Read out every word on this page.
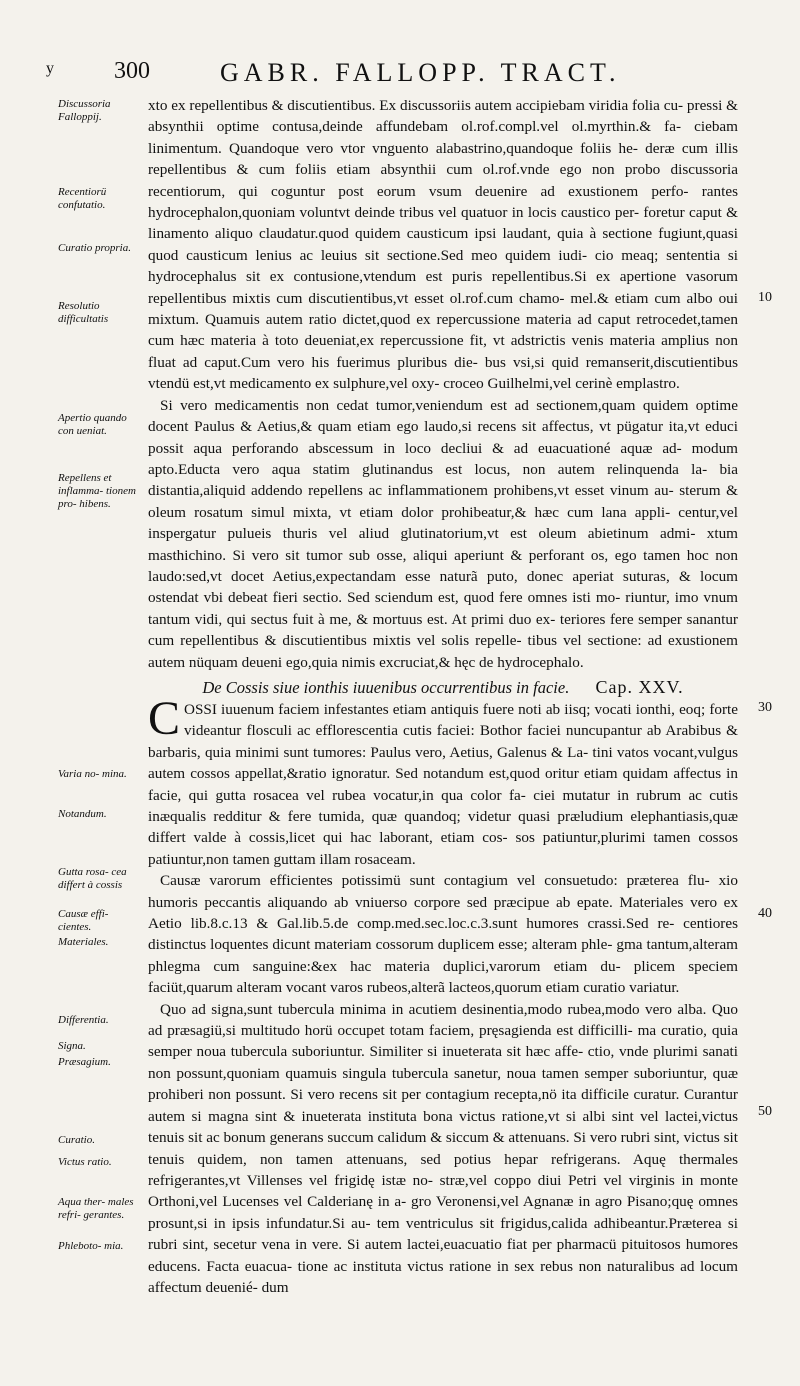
y	300	GABR. FALLOPP. TRACT.
Discussoria Falloppij.
Recentiorü confutatio.
Curatio propria.
Resolutio difficultatis
Apertio quando con ueniat.
Repellens et inflamma- tionem pro- hibens.
Varia no- mina.
Notandum.
Gutta rosa- cea differt à cossis
Causæ effi- cientes.
Materiales.
Differentia.
Signa.
Præsagium.
Curatio.
Victus ratio.
Aqua ther- males refri- gerantes.
Phleboto- mia.
10
30
40
50

xto ex repellentibus & discutientibus. Ex discussoriis autem accipiebam viridia folia cu- pressi & absynthii optime contusa,deinde affundebam ol.rof.compl.vel ol.myrthin.& fa- ciebam linimentum. Quandoque vero vtor vnguento alabastrino,quandoque foliis he- deræ cum illis repellentibus & cum foliis etiam absynthii cum ol.rof.vnde ego non probo discussoria recentiorum, qui coguntur post eorum vsum deuenire ad exustionem perfo- rantes hydrocephalon,quoniam voluntvt deinde tribus vel quatuor in locis caustico per- foretur caput & linamento aliquo claudatur.quod quidem causticum ipsi laudant, quia à sectione fugiunt,quasi quod causticum lenius ac leuius sit sectione.Sed meo quidem iudi- cio meaq; sententia si hydrocephalus sit ex contusione,vtendum est puris repellentibus.Si ex apertione vasorum repellentibus mixtis cum discutientibus,vt esset ol.rof.cum chamo- mel.& etiam cum albo oui mixtum. Quamuis autem ratio dictet,quod ex repercussione materia ad caput retrocedet,tamen cum hæc materia à toto deueniat,ex repercussione fit, vt adstrictis venis materia amplius non fluat ad caput.Cum vero his fuerimus pluribus die- bus vsi,si quid remanserit,discutientibus vtendü est,vt medicamento ex sulphure,vel oxy- croceo Guilhelmi,vel cerinè emplastro.

Si vero medicamentis non cedat tumor,veniendum est ad sectionem,quam quidem optime docent Paulus & Aetius,& quam etiam ego laudo,si recens sit affectus, vt pügatur ita,vt educi possit aqua perforando abscessum in loco decliui & ad euacuationé aquæ ad- modum apto.Educta vero aqua statim glutinandus est locus, non autem relinquenda la- bia distantia,aliquid addendo repellens ac inflammationem prohibens,vt esset vinum au- sterum & oleum rosatum simul mixta, vt etiam dolor prohibeatur,& hæc cum lana appli- centur,vel inspergatur pulueis thuris vel aliud glutinatorium,vt est oleum abietinum admi- xtum masthichino. Si vero sit tumor sub osse, aliqui aperiunt & perforant os, ego tamen hoc non laudo:sed,vt docet Aetius,expectandam esse naturã puto, donec aperiat suturas, & locum ostendat vbi debeat fieri sectio. Sed sciendum est, quod fere omnes isti mo- riuntur, imo vnum tantum vidi, qui sectus fuit à me, & mortuus est. At primi duo ex- teriores fere semper sanantur cum repellentibus & discutientibus mixtis vel solis repelle- tibus vel sectione: ad exustionem autem nüquam deueni ego,quia nimis excruciat,& hęc de hydrocephalo.

De Cossis siue ionthis iuuenibus occurrentibus in facie. Cap. XXV.

COSSI iuuenum faciem infestantes etiam antiquis fuere noti ab iisq; vocati ionthi, eoq; forte videantur flosculi ac efflorescentia cutis faciei: Bothor faciei nuncupantur ab Arabibus & barbaris, quia minimi sunt tumores: Paulus vero, Aetius, Galenus & La- tini vatos vocant,vulgus autem cossos appellat,&ratio ignoratur. Sed notandum est,quod oritur etiam quidam affectus in facie, qui gutta rosacea vel rubea vocatur,in qua color fa- ciei mutatur in rubrum ac cutis inæqualis redditur & fere tumida, quæ quandoq; videtur quasi præludium elephantiasis,quæ differt valde à cossis,licet qui hac laborant, etiam cos- sos patiuntur,plurimi tamen cossos patiuntur,non tamen guttam illam rosaceam.

Causæ varorum efficientes potissimü sunt contagium vel consuetudo: præterea flu- xio humoris peccantis aliquando ab vniuerso corpore sed præcipue ab epate. Materiales vero ex Aetio lib.8.c.13 & Gal.lib.5.de comp.med.sec.loc.c.3.sunt humores crassi.Sed re- centiores distinctus loquentes dicunt materiam cossorum duplicem esse; alteram phle- gma tantum,alteram phlegma cum sanguine:&ex hac materia duplici,varorum etiam du- plicem speciem faciüt,quarum alteram vocant varos rubeos,alterã lacteos,quorum etiam curatio variatur.

Quo ad signa,sunt tubercula minima in acutiem desinentia,modo rubea,modo vero alba. Quo ad præsagiü,si multitudo horü occupet totam faciem, pręsagienda est difficilli- ma curatio, quia semper noua tubercula suboriuntur. Similiter si inueterata sit hæc affe- ctio, vnde plurimi sanati non possunt,quoniam quamuis singula tubercula sanetur, noua tamen semper suboriuntur, quæ prohiberi non possunt. Si vero recens sit per contagium recepta,nö ita difficile curatur. Curantur autem si magna sint & inueterata instituta bona victus ratione,vt si albi sint vel lactei,victus tenuis sit ac bonum generans succum calidum & siccum & attenuans. Si vero rubri sint, victus sit tenuis quidem, non tamen attenuans, sed potius hepar refrigerans. Aquę thermales refrigerantes,vt Villenses vel frigidę istæ no- stræ,vel coppo diui Petri vel virginis in monte Orthoni,vel Lucenses vel Calderianę in a- gro Veronensi,vel Agnanæ in agro Pisano;quę omnes prosunt,si in ipsis infundatur.Si au- tem ventriculus sit frigidus,calida adhibeantur.Præterea si rubri sint, secetur vena in vere. Si autem lactei,euacuatio fiat per pharmacü pituitosos humores educens. Facta euacua- tione ac instituta victus ratione in sex rebus non naturalibus ad locum affectum deuenié- dum
